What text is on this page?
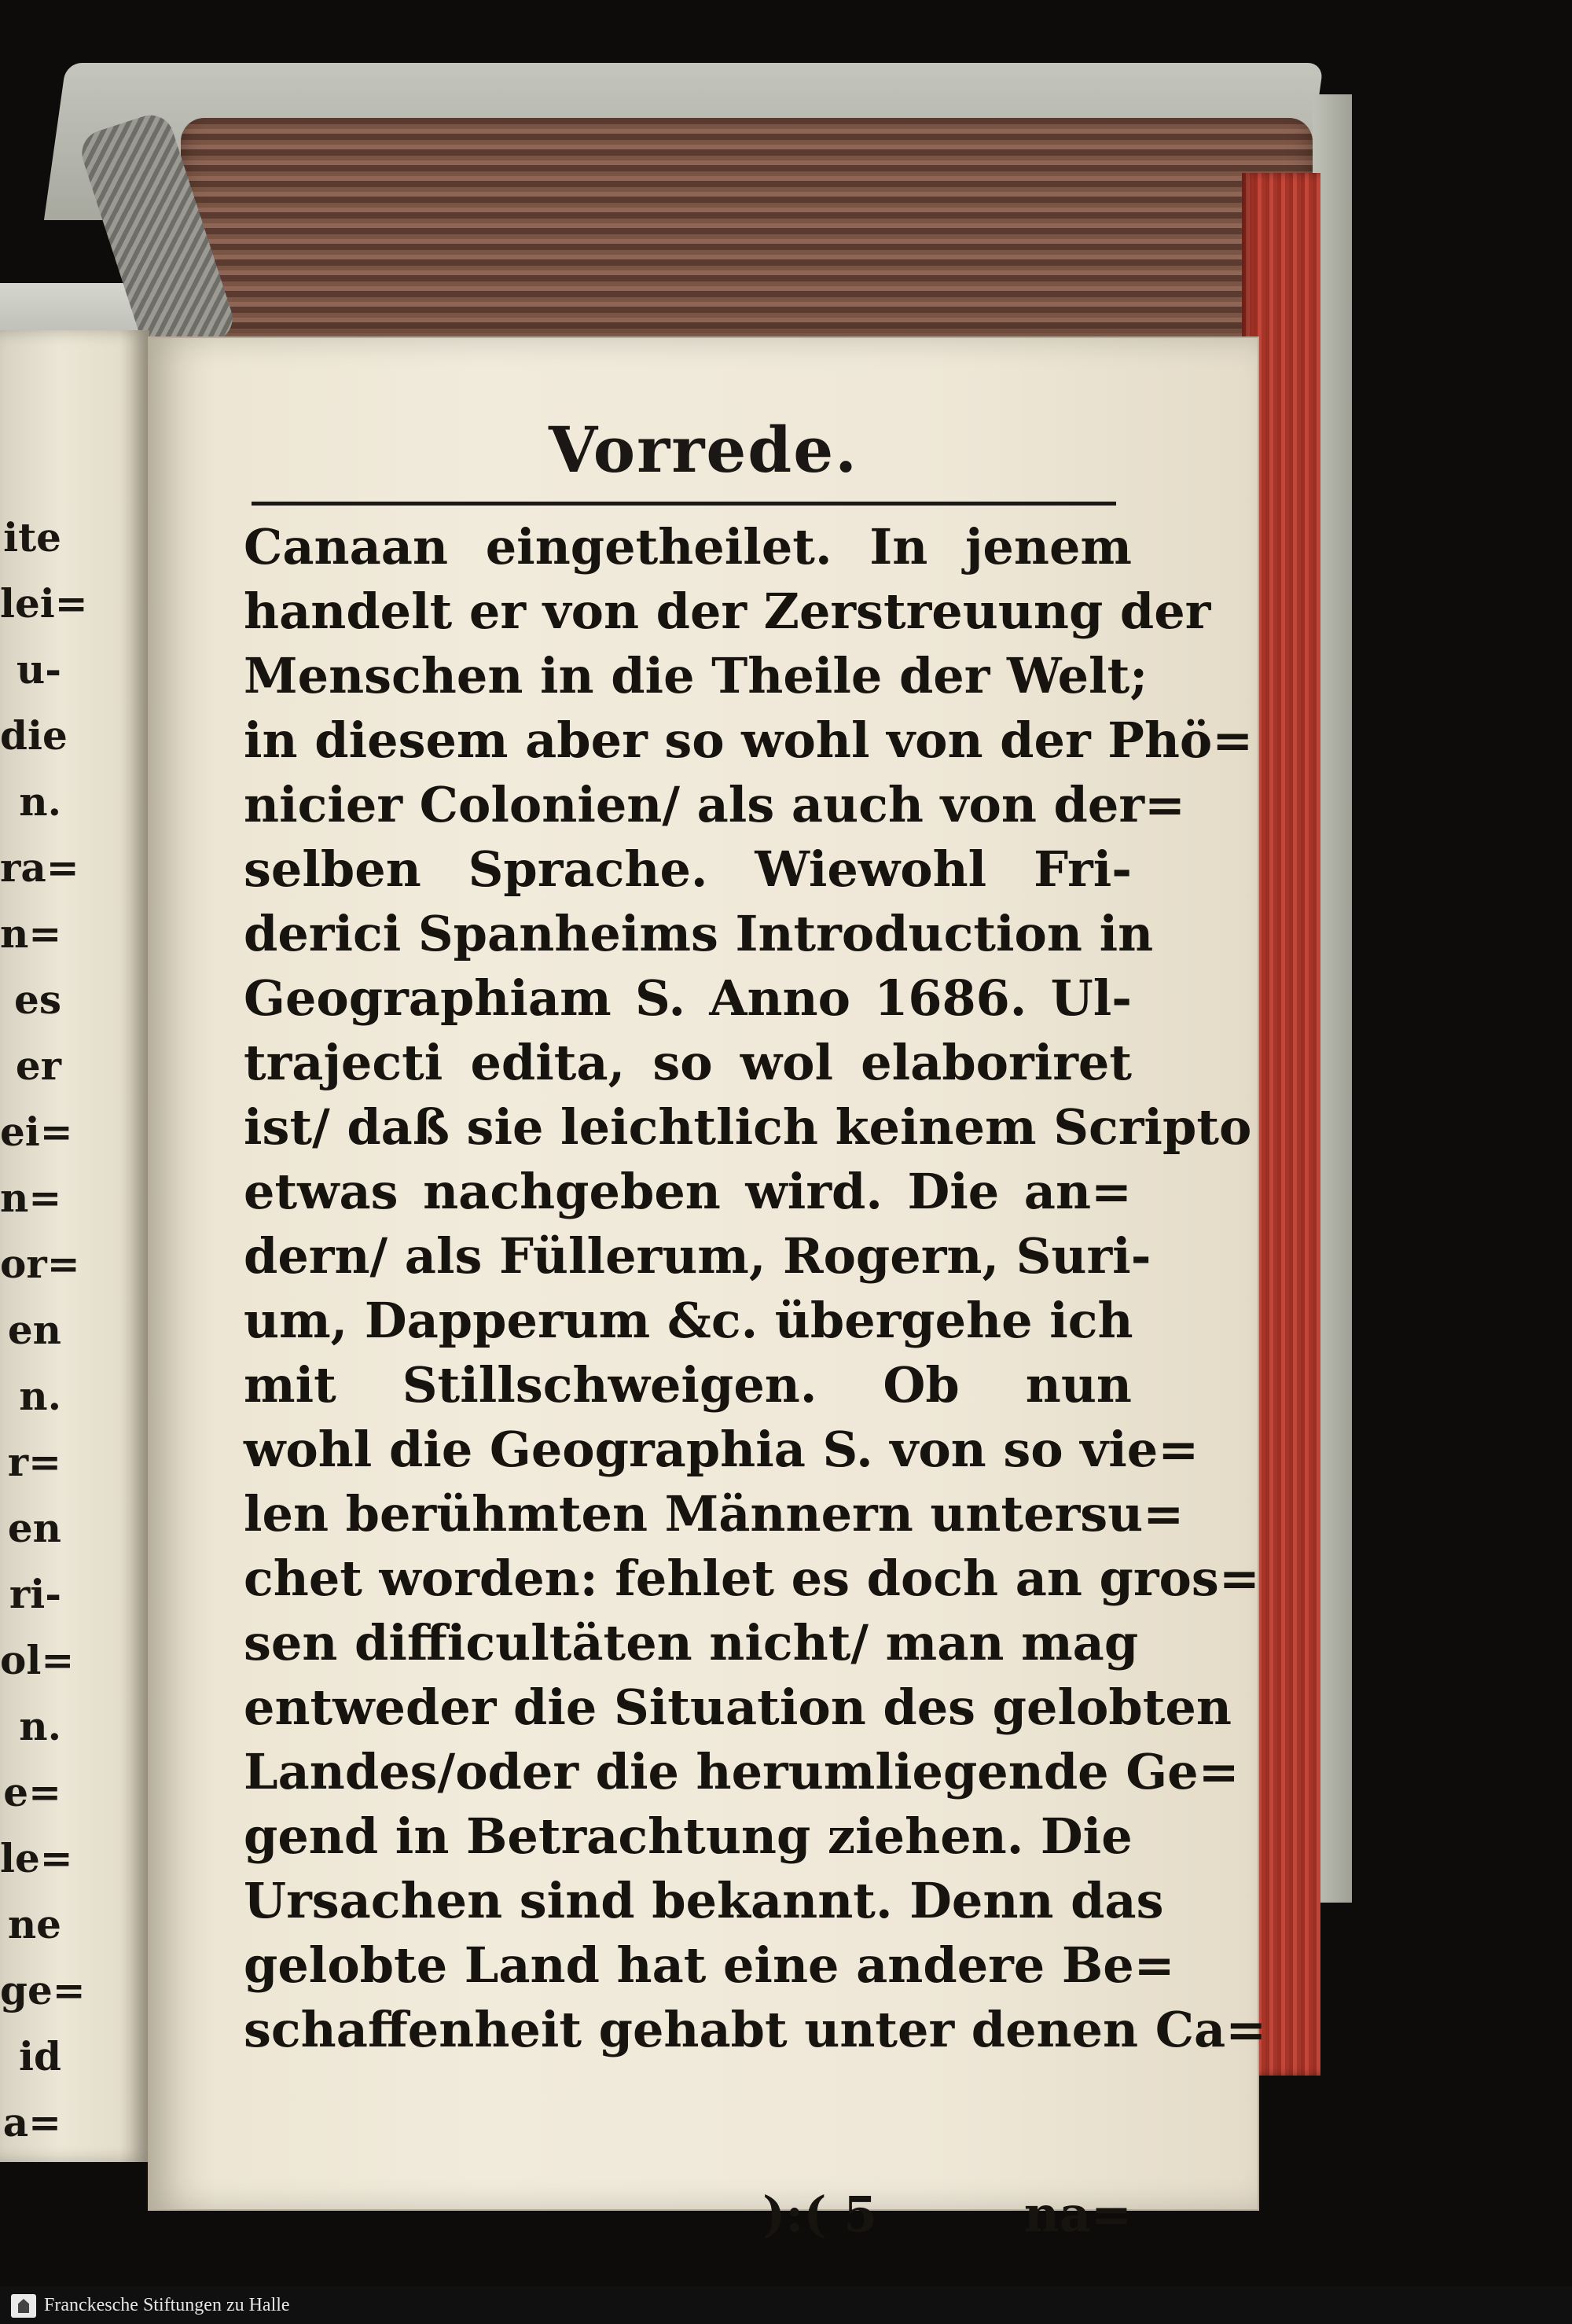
ite
lei=
u-
die
n.
ra=
n=
es
er
ei=
n=
or=
en
n.
r=
en
ri-
ol=
n.
e=
le=
ne
ge=
id
a=
Vorrede.
Canaan eingetheilet. In jenem
handelt er von der Zerstreuung der
Menschen in die Theile der Welt;
in diesem aber so wohl von der Phö=
nicier Colonien/ als auch von der=
selben Sprache. Wiewohl Fri-
derici Spanheims Introduction in
Geographiam S. Anno 1686. Ul-
trajecti edita, so wol elaboriret
ist/ daß sie leichtlich keinem Scripto
etwas nachgeben wird. Die an=
dern/ als Füllerum, Rogern, Suri-
um, Dapperum &c. übergehe ich
mit Stillschweigen. Ob nun
wohl die Geographia S. von so vie=
len berühmten Männern untersu=
chet worden: fehlet es doch an gros=
sen difficultäten nicht/ man mag
entweder die Situation des gelobten
Landes/oder die herumliegende Ge=
gend in Betrachtung ziehen. Die
Ursachen sind bekannt. Denn das
gelobte Land hat eine andere Be=
schaffenheit gehabt unter denen Ca=
):( 5	na=
Franckesche Stiftungen zu Halle
